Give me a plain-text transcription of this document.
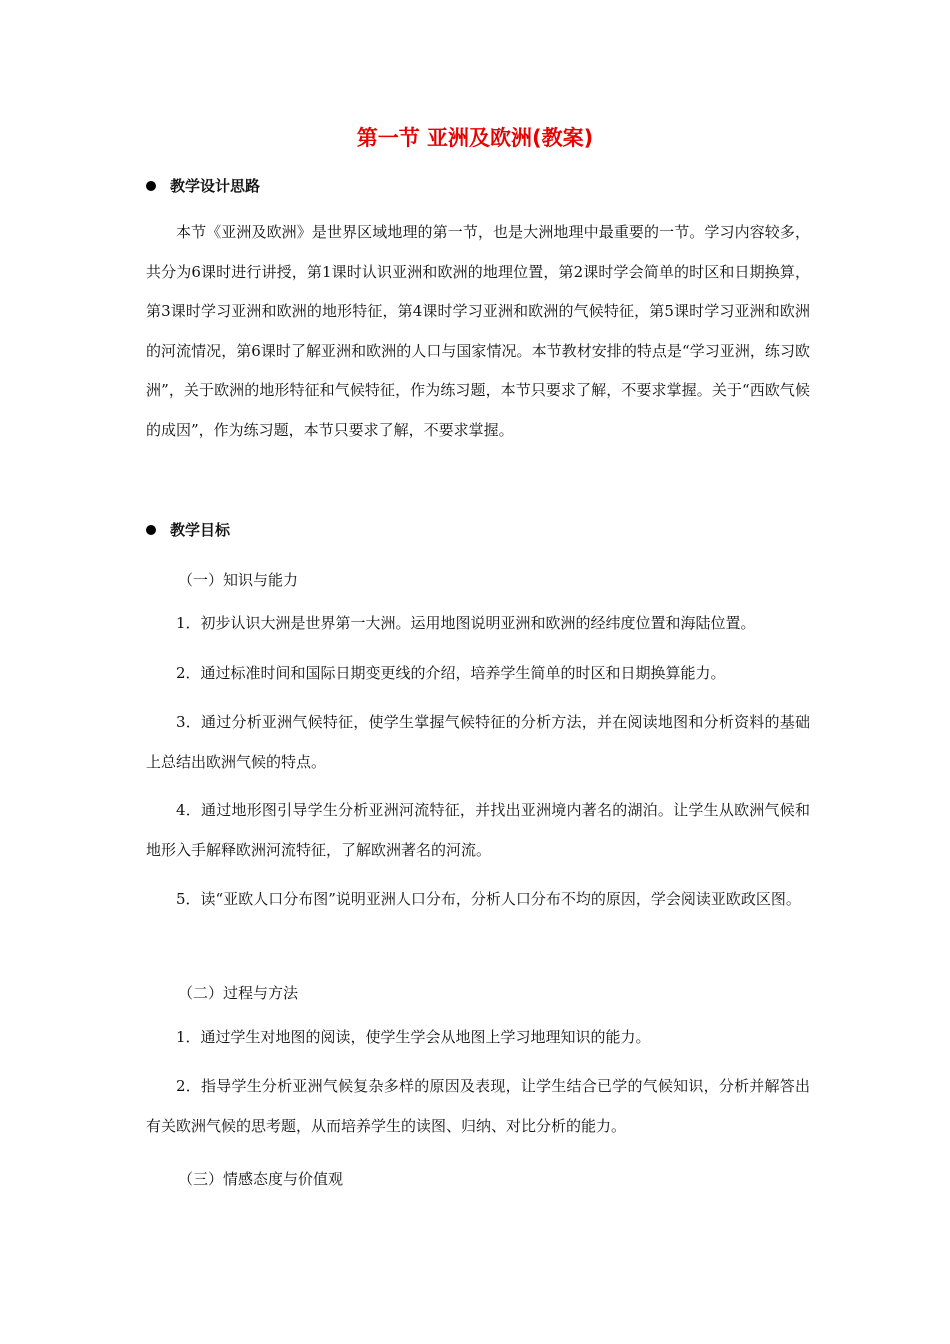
第一节 亚洲及欧洲(教案)
教学设计思路
本节《亚洲及欧洲》是世界区域地理的第一节，也是大洲地理中最重要的一节。学习内容较多，共分为6课时进行讲授，第1课时认识亚洲和欧洲的地理位置，第2课时学会简单的时区和日期换算，第3课时学习亚洲和欧洲的地形特征，第4课时学习亚洲和欧洲的气候特征，第5课时学习亚洲和欧洲的河流情况，第6课时了解亚洲和欧洲的人口与国家情况。本节教材安排的特点是“学习亚洲，练习欧洲”，关于欧洲的地形特征和气候特征，作为练习题，本节只要求了解，不要求掌握。关于“西欧气候的成因”，作为练习题，本节只要求了解，不要求掌握。
教学目标
（一）知识与能力
1．初步认识大洲是世界第一大洲。运用地图说明亚洲和欧洲的经纬度位置和海陆位置。
2．通过标准时间和国际日期变更线的介绍，培养学生简单的时区和日期换算能力。
3．通过分析亚洲气候特征，使学生掌握气候特征的分析方法，并在阅读地图和分析资料的基础上总结出欧洲气候的特点。
4．通过地形图引导学生分析亚洲河流特征，并找出亚洲境内著名的湖泊。让学生从欧洲气候和地形入手解释欧洲河流特征，了解欧洲著名的河流。
5．读“亚欧人口分布图”说明亚洲人口分布，分析人口分布不均的原因，学会阅读亚欧政区图。
（二）过程与方法
1．通过学生对地图的阅读，使学生学会从地图上学习地理知识的能力。
2．指导学生分析亚洲气候复杂多样的原因及表现，让学生结合已学的气候知识，分析并解答出有关欧洲气候的思考题，从而培养学生的读图、归纳、对比分析的能力。
（三）情感态度与价值观
